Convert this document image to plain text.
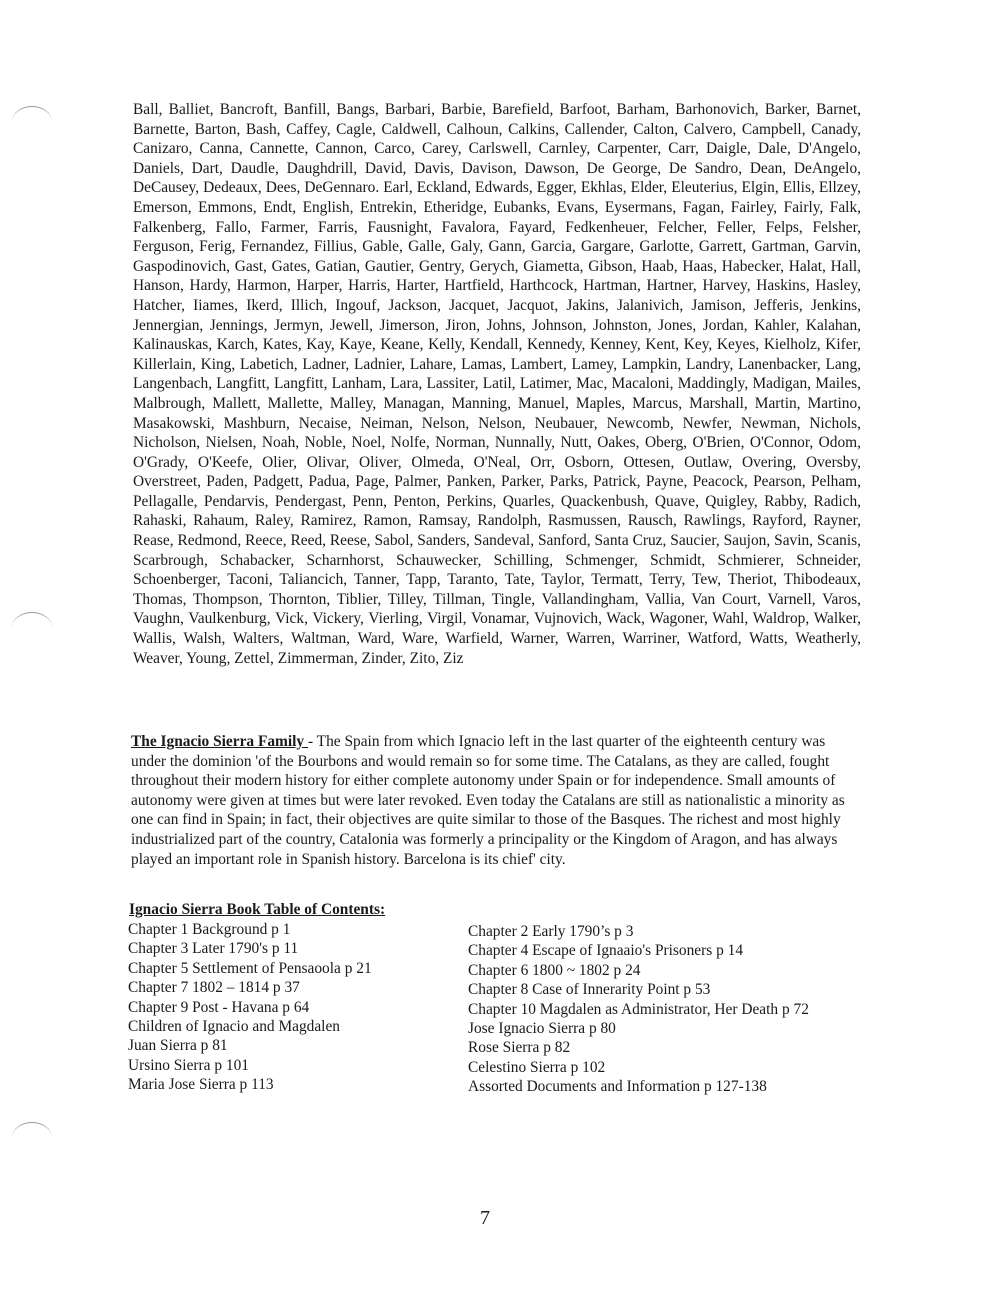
Ball, Balliet, Bancroft, Banfill, Bangs, Barbari, Barbie, Barefield, Barfoot, Barham, Barhonovich, Barker, Barnet, Barnette, Barton, Bash, Caffey, Cagle, Caldwell, Calhoun, Calkins, Callender, Calton, Calvero, Campbell, Canady, Canizaro, Canna, Cannette, Cannon, Carco, Carey, Carlswell, Carnley, Carpenter, Carr, Daigle, Dale, D'Angelo, Daniels, Dart, Daudle, Daughdrill, David, Davis, Davison, Dawson, De George, De Sandro, Dean, DeAngelo, DeCausey, Dedeaux, Dees, DeGennaro. Earl, Eckland, Edwards, Egger, Ekhlas, Elder, Eleuterius, Elgin, Ellis, Ellzey, Emerson, Emmons, Endt, English, Entrekin, Etheridge, Eubanks, Evans, Eysermans, Fagan, Fairley, Fairly, Falk, Falkenberg, Fallo, Farmer, Farris, Fausnight, Favalora, Fayard, Fedkenheuer, Felcher, Feller, Felps, Felsher, Ferguson, Ferig, Fernandez, Fillius, Gable, Galle, Galy, Gann, Garcia, Gargare, Garlotte, Garrett, Gartman, Garvin, Gaspodinovich, Gast, Gates, Gatian, Gautier, Gentry, Gerych, Giametta, Gibson, Haab, Haas, Habecker, Halat, Hall, Hanson, Hardy, Harmon, Harper, Harris, Harter, Hartfield, Harthcock, Hartman, Hartner, Harvey, Haskins, Hasley, Hatcher, Iiames, Ikerd, Illich, Ingouf, Jackson, Jacquet, Jacquot, Jakins, Jalanivich, Jamison, Jefferis, Jenkins, Jennergian, Jennings, Jermyn, Jewell, Jimerson, Jiron, Johns, Johnson, Johnston, Jones, Jordan, Kahler, Kalahan, Kalinauskas, Karch, Kates, Kay, Kaye, Keane, Kelly, Kendall, Kennedy, Kenney, Kent, Key, Keyes, Kielholz, Kifer, Killerlain, King, Labetich, Ladner, Ladnier, Lahare, Lamas, Lambert, Lamey, Lampkin, Landry, Lanenbacker, Lang, Langenbach, Langfitt, Langfitt, Lanham, Lara, Lassiter, Latil, Latimer, Mac, Macaloni, Maddingly, Madigan, Mailes, Malbrough, Mallett, Mallette, Malley, Managan, Manning, Manuel, Maples, Marcus, Marshall, Martin, Martino, Masakowski, Mashburn, Necaise, Neiman, Nelson, Nelson, Neubauer, Newcomb, Newfer, Newman, Nichols, Nicholson, Nielsen, Noah, Noble, Noel, Nolfe, Norman, Nunnally, Nutt, Oakes, Oberg, O'Brien, O'Connor, Odom, O'Grady, O'Keefe, Olier, Olivar, Oliver, Olmeda, O'Neal, Orr, Osborn, Ottesen, Outlaw, Overing, Oversby, Overstreet, Paden, Padgett, Padua, Page, Palmer, Panken, Parker, Parks, Patrick, Payne, Peacock, Pearson, Pelham, Pellagalle, Pendarvis, Pendergast, Penn, Penton, Perkins, Quarles, Quackenbush, Quave, Quigley, Rabby, Radich, Rahaski, Rahaum, Raley, Ramirez, Ramon, Ramsay, Randolph, Rasmussen, Rausch, Rawlings, Rayford, Rayner, Rease, Redmond, Reece, Reed, Reese, Sabol, Sanders, Sandeval, Sanford, Santa Cruz, Saucier, Saujon, Savin, Scanis, Scarbrough, Schabacker, Scharnhorst, Schauwecker, Schilling, Schmenger, Schmidt, Schmierer, Schneider, Schoenberger, Taconi, Taliancich, Tanner, Tapp, Taranto, Tate, Taylor, Termatt, Terry, Tew, Theriot, Thibodeaux, Thomas, Thompson, Thornton, Tiblier, Tilley, Tillman, Tingle, Vallandingham, Vallia, Van Court, Varnell, Varos, Vaughn, Vaulkenburg, Vick, Vickery, Vierling, Virgil, Vonamar, Vujnovich, Wack, Wagoner, Wahl, Waldrop, Walker, Wallis, Walsh, Walters, Waltman, Ward, Ware, Warfield, Warner, Warren, Warriner, Watford, Watts, Weatherly, Weaver, Young, Zettel, Zimmerman, Zinder, Zito, Ziz

The Ignacio Sierra Family - The Spain from which Ignacio left in the last quarter of the eighteenth century was under the dominion 'of the Bourbons and would remain so for some time. The Catalans, as they are called, fought throughout their modern history for either complete autonomy under Spain or for independence. Small amounts of autonomy were given at times but were later revoked. Even today the Catalans are still as nationalistic a minority as one can find in Spain; in fact, their objectives are quite similar to those of the Basques. The richest and most highly industrialized part of the country, Catalonia was formerly a principality or the Kingdom of Aragon, and has always played an important role in Spanish history. Barcelona is its chief' city.

Ignacio Sierra Book Table of Contents:
Chapter 1 Background p 1
Chapter 3 Later 1790's p 11
Chapter 5 Settlement of Pensaoola p 21
Chapter 7 1802 – 1814 p 37
Chapter 9 Post - Havana p 64
Children of Ignacio and Magdalen
Juan Sierra p 81
Ursino Sierra p 101
Maria Jose Sierra p 113
Chapter 2 Early 1790’s p 3
Chapter 4 Escape of Ignaaio's Prisoners p 14
Chapter 6 1800 ~ 1802 p 24
Chapter 8 Case of Innerarity Point p 53
Chapter 10 Magdalen as Administrator, Her Death p 72
Jose Ignacio Sierra p 80
Rose Sierra p 82
Celestino Sierra p 102
Assorted Documents and Information p 127-138
7
